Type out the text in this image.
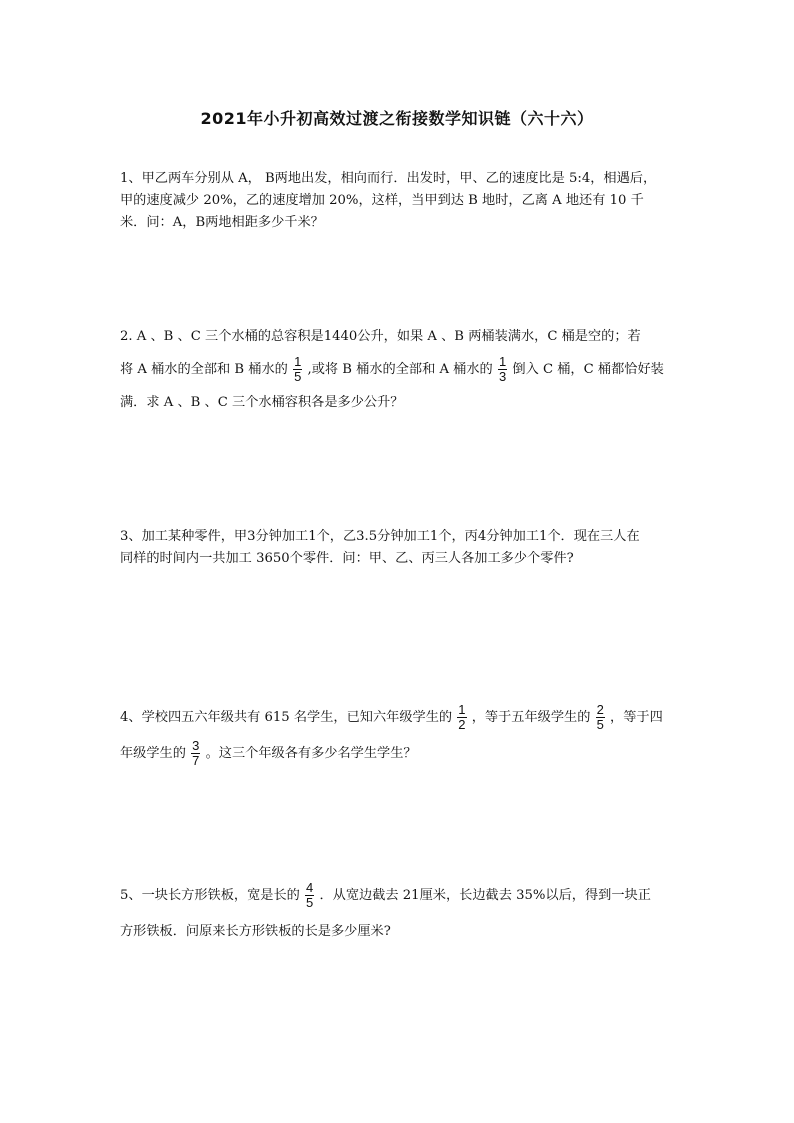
2021年小升初高效过渡之衔接数学知识链（六十六）
1、甲乙两车分别从 A， B两地出发，相向而行．出发时，甲、乙的速度比是 5:4，相遇后，
甲的速度减少 20%，乙的速度增加 20%，这样，当甲到达 B 地时，乙离 A 地还有 10 千
米．问：A，B两地相距多少千米？
2. A 、B 、C 三个水桶的总容积是1440公升，如果 A 、B 两桶装满水，C 桶是空的；若
将 A 桶水的全部和 B 桶水的 $\frac{1}{5}$ ,或将 B 桶水的全部和 A 桶水的 $\frac{1}{3}$ 倒入 C 桶，C 桶都恰好装
满．求 A 、B 、C 三个水桶容积各是多少公升？
3、加工某种零件，甲3分钟加工1个，乙3.5分钟加工1个，丙4分钟加工1个．现在三人在
同样的时间内一共加工 3650个零件．问：甲、乙、丙三人各加工多少个零件?
4、学校四五六年级共有 615 名学生，已知六年级学生的 $\frac{1}{2}$ ，等于五年级学生的 $\frac{2}{5}$ ，等于四
年级学生的 $\frac{3}{7}$ 。这三个年级各有多少名学生学生？
5、一块长方形铁板，宽是长的 $\frac{4}{5}$ ．从宽边截去 21厘米，长边截去 35%以后，得到一块正
方形铁板．问原来长方形铁板的长是多少厘米?
